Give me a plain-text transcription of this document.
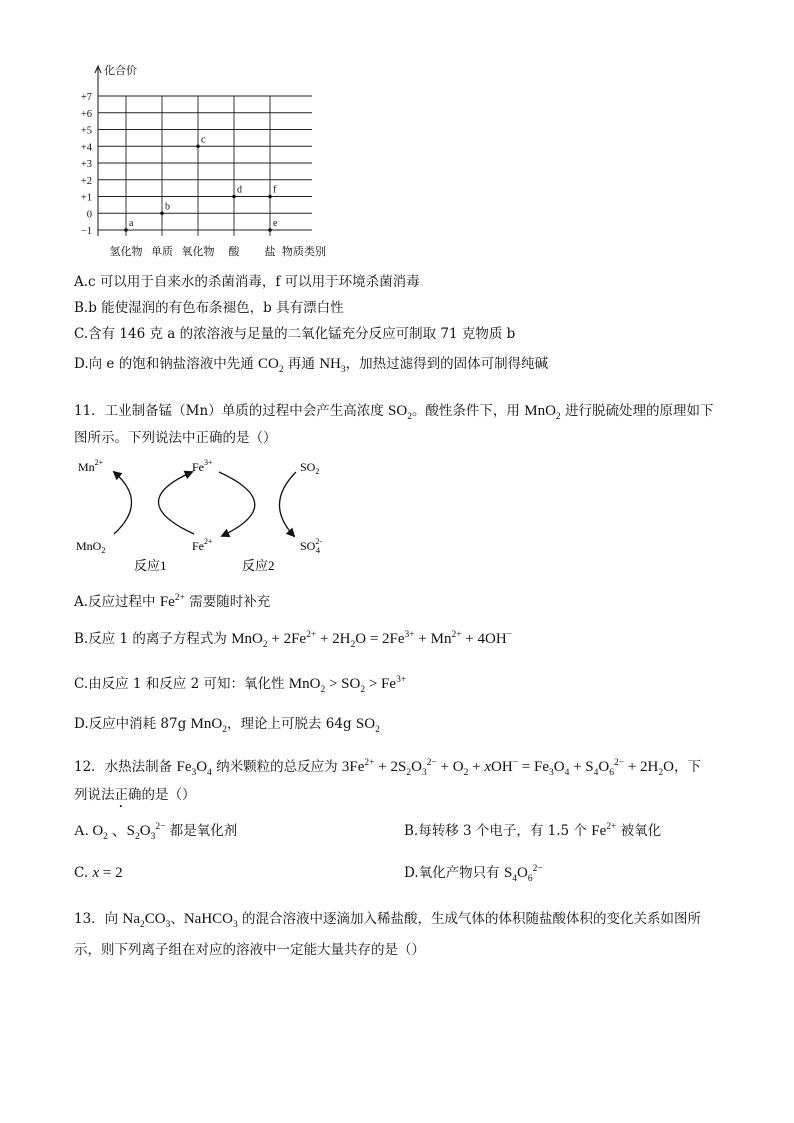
+7
+6
+5
+4
+3
+2
+1
0
−1
氢化物 单质 氧化物 酸 盐
a
b
c
d	f
e
化合价
物质类别
A.c 可以用于自来水的杀菌消毒，f 可以用于环境杀菌消毒
B.b 能使湿润的有色布条褪色，b 具有漂白性
C.含有 146 克 a 的浓溶液与足量的二氧化锰充分反应可制取 71 克物质 b
D.向 e 的饱和钠盐溶液中先通 $CO_2$ 再通 $NH_3$，加热过滤得到的固体可制得纯碱
11．工业制备锰（Mn）单质的过程中会产生高浓度 $SO_2$。酸性条件下，用 MnO$_2$ 进行脱硫处理的原理如下
图所示。下列说法中正确的是（）
$Mn^{2+}$
MnO$_2$
$Fe^{3+}$
$Fe^{2+}$
$SO_2$
$SO^{2-}4$
反应1	反应2
A.反应过程中 $Fe^{2+}$ 需要随时补充
B.反应 1 的离子方程式为 $MnO_2 + 2Fe^{2+} + 2H_2O = 2Fe^{3+} + Mn^{2+} + 4OH^-$
C.由反应 1 和反应 2 可知：氧化性 $MnO_2 > SO_2 > Fe^{3+}$
D.反应中消耗 87g MnO$_2$，理论上可脱去 64g $SO_2$
12．水热法制备 $Fe_3O_4$ 纳米颗粒的总反应为 $3Fe^{2+} + 2S_2O_3^{2-} + O_2 + xOH^- = Fe_3O_4 + S_4O_6^{2-} + 2H_2O$，下
列说法正确的是（）
A. $O_2$ 、$S_2O_3^{2-}$ 都是氧化剂	B.每转移 3 个电子，有 1.5 个 $Fe^{2+}$ 被氧化
C. x = 2	D.氧化产物只有 $S_4O_6^{2-}$
13．向 $Na_2CO_3$、NaHCO$_3$ 的混合溶液中逐滴加入稀盐酸，生成气体的体积随盐酸体积的变化关系如图所
示，则下列离子组在对应的溶液中一定能大量共存的是（）
